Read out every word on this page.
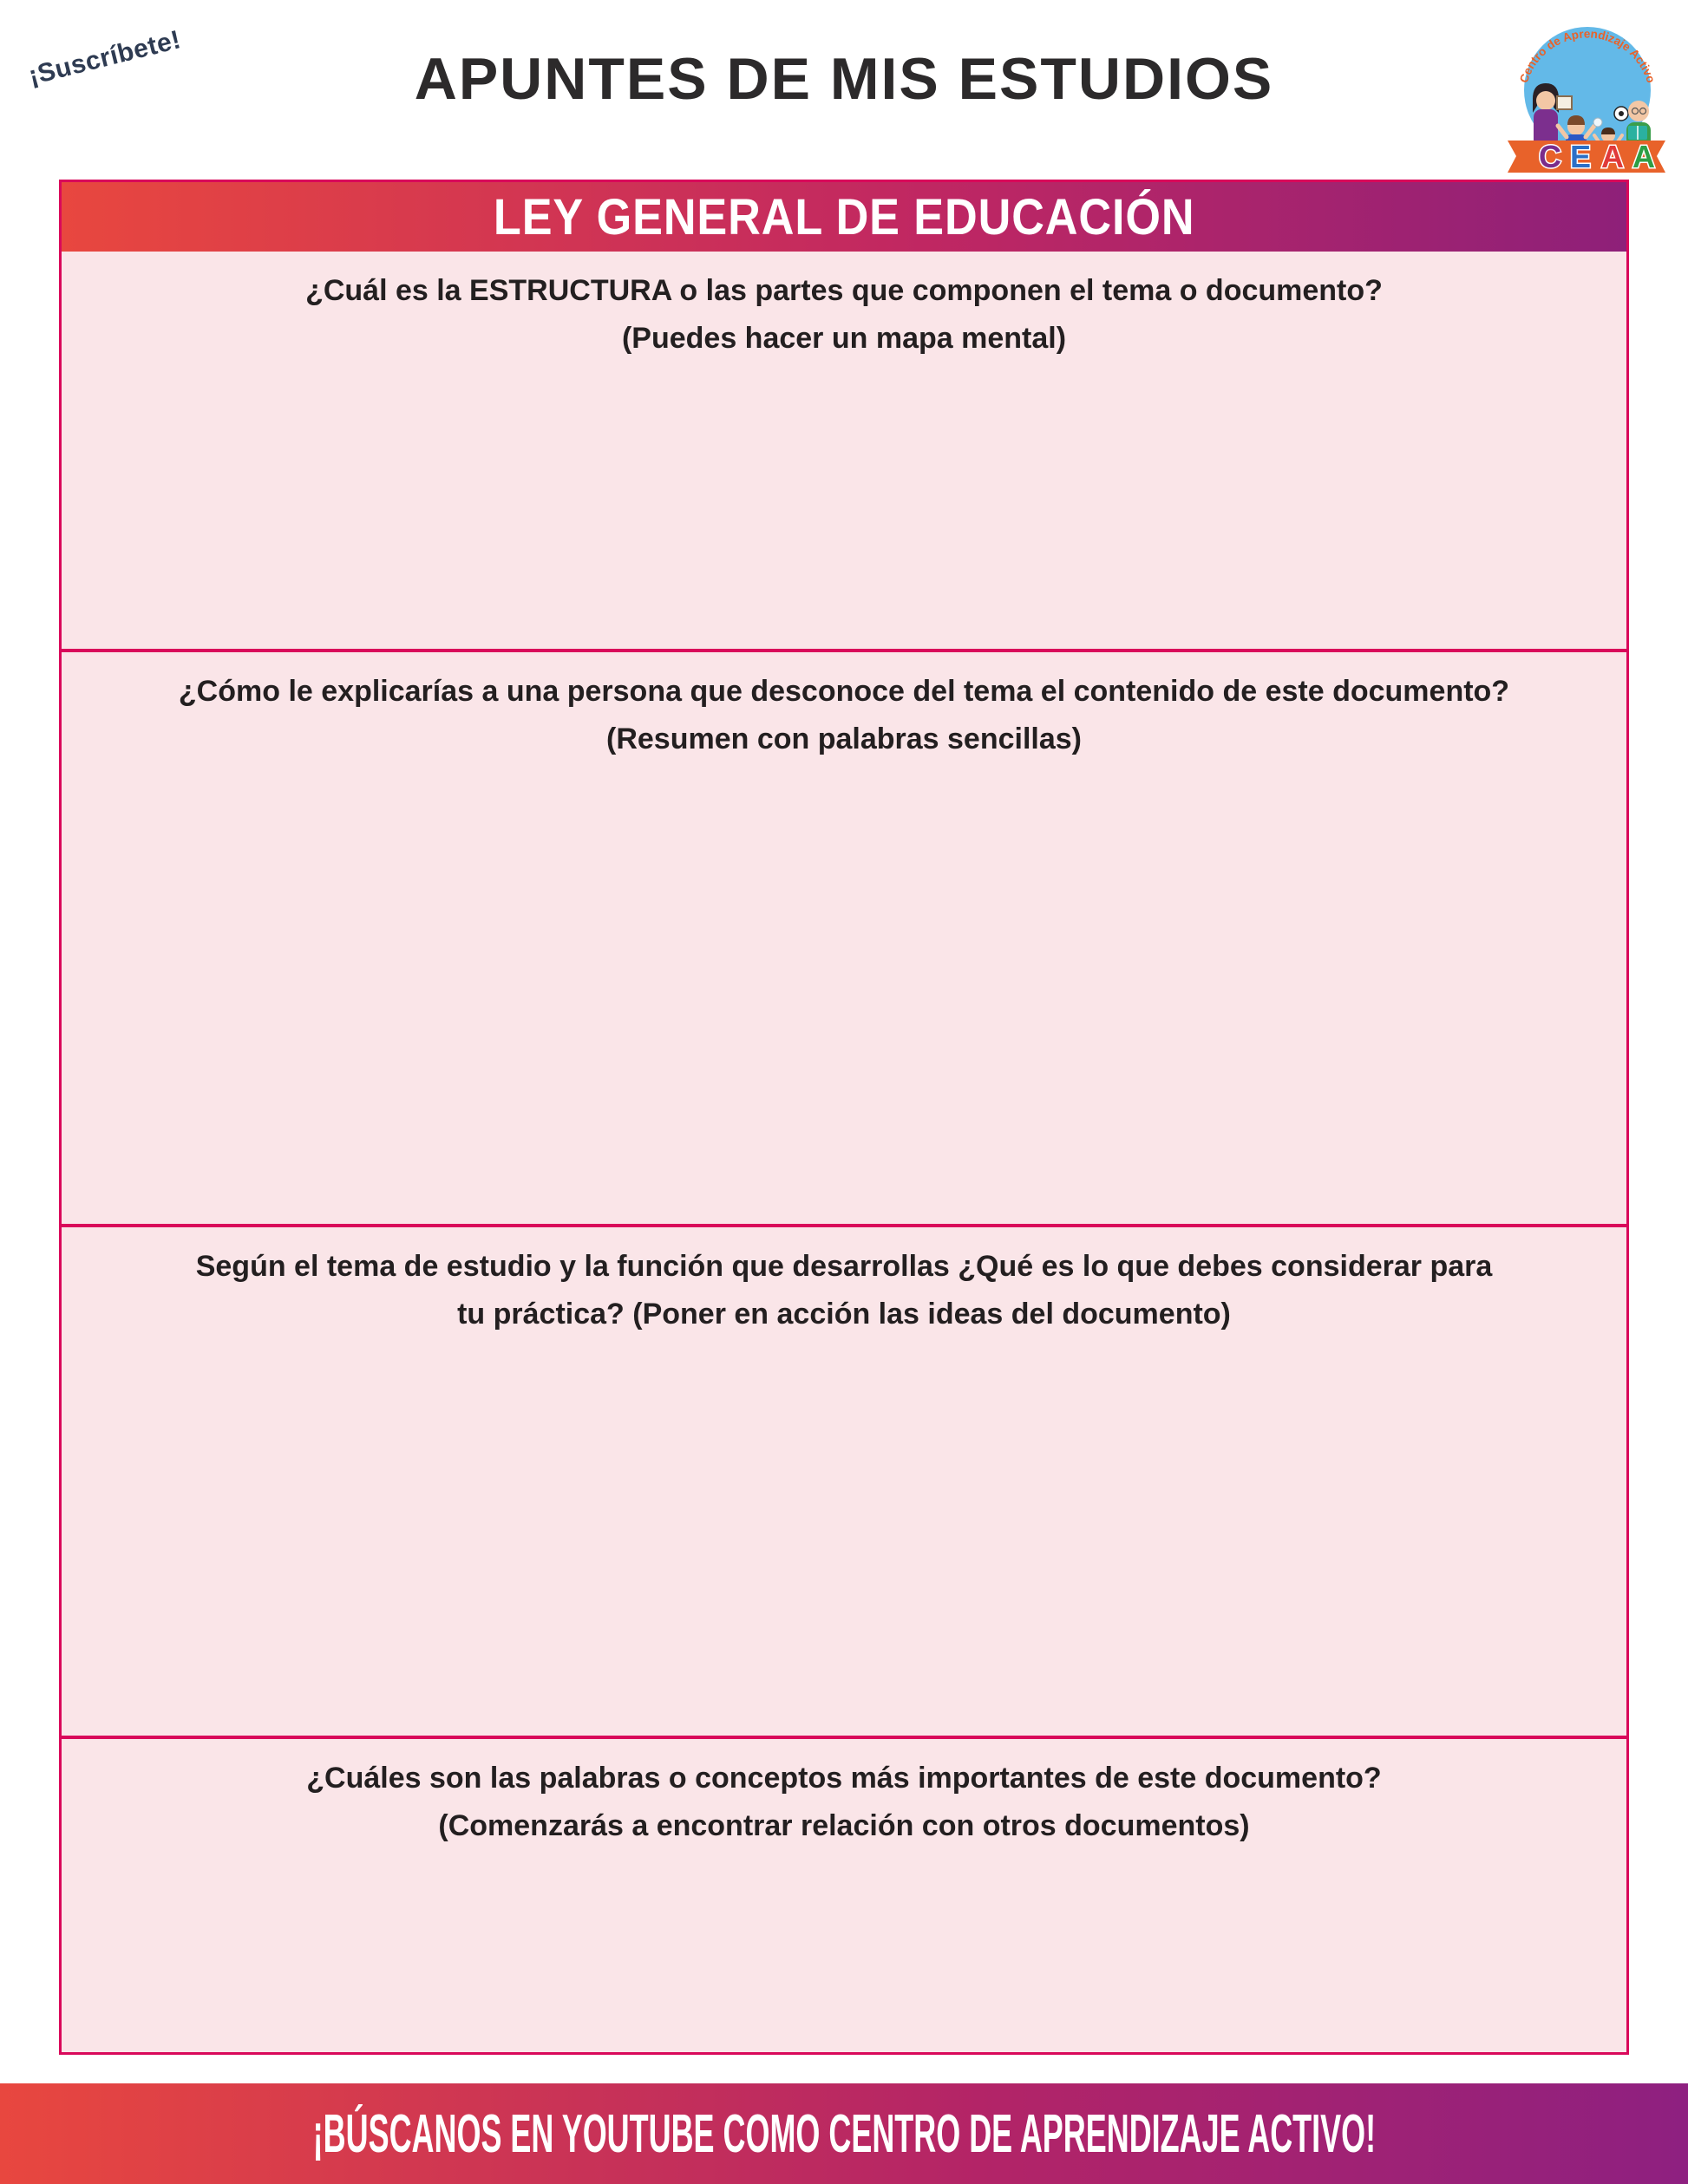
¡Suscríbete!	APUNTES DE MIS ESTUDIOS	Centro de Aprendizaje Activo
C E A A
LEY GENERAL DE EDUCACIÓN
¿Cuál es la ESTRUCTURA o las partes que componen el tema o documento?
(Puedes hacer un mapa mental)
¿Cómo le explicarías a una persona que desconoce del tema el contenido de este documento?
(Resumen con palabras sencillas)
Según el tema de estudio y la función que desarrollas ¿Qué es lo que debes considerar para
tu práctica? (Poner en acción las ideas del documento)
¿Cuáles son las palabras o conceptos más importantes de este documento?
(Comenzarás a encontrar relación con otros documentos)
¡BÚSCANOS EN YOUTUBE COMO CENTRO DE APRENDIZAJE ACTIVO!
